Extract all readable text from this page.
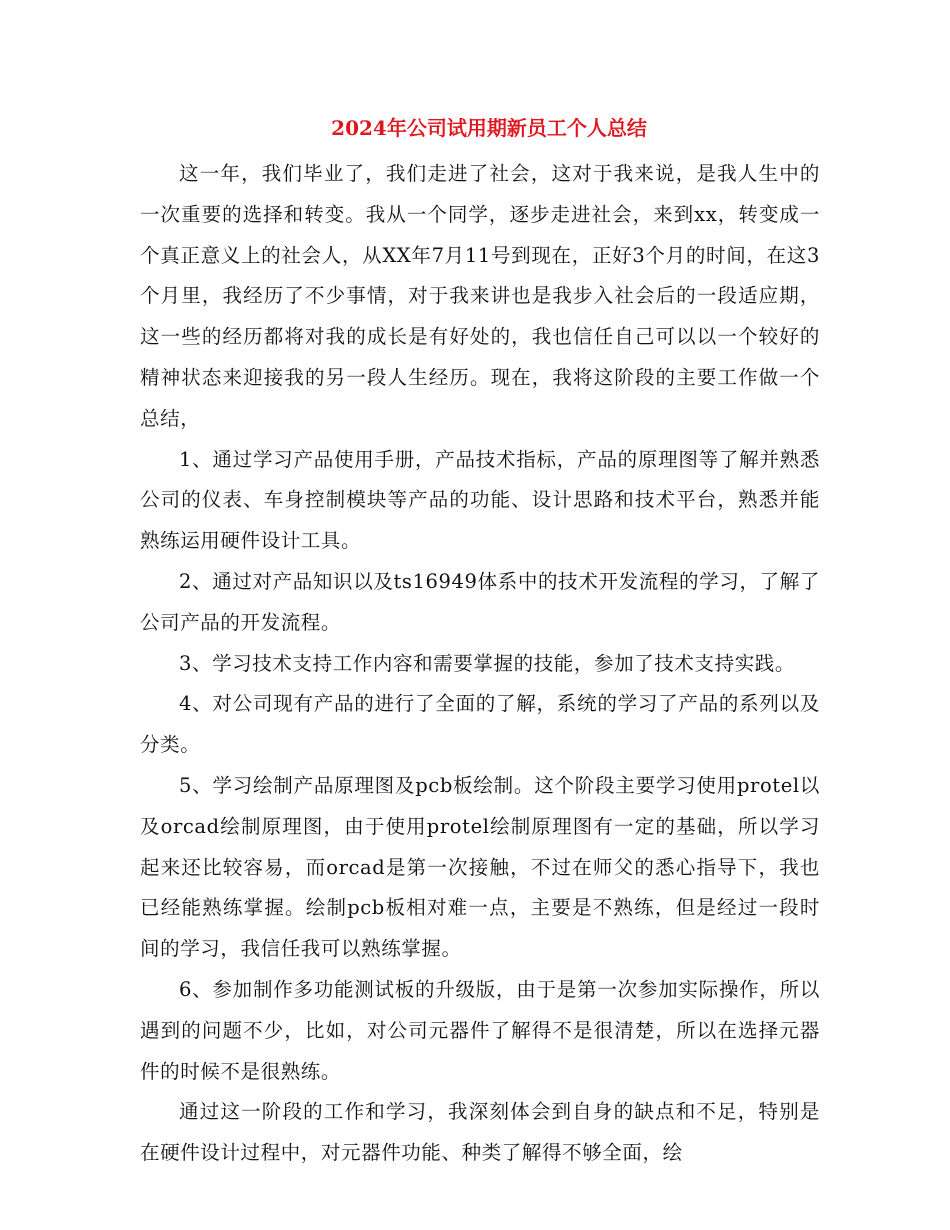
2024年公司试用期新员工个人总结

这一年，我们毕业了，我们走进了社会，这对于我来说，是我人生中的一次重要的选择和转变。我从一个同学，逐步走进社会，来到xx，转变成一个真正意义上的社会人，从XX年7月11号到现在，正好3个月的时间，在这3个月里，我经历了不少事情，对于我来讲也是我步入社会后的一段适应期，这一些的经历都将对我的成长是有好处的，我也信任自己可以以一个较好的精神状态来迎接我的另一段人生经历。现在，我将这阶段的主要工作做一个总结，

1、通过学习产品使用手册，产品技术指标，产品的原理图等了解并熟悉公司的仪表、车身控制模块等产品的功能、设计思路和技术平台，熟悉并能熟练运用硬件设计工具。

2、通过对产品知识以及ts16949体系中的技术开发流程的学习，了解了公司产品的开发流程。

3、学习技术支持工作内容和需要掌握的技能，参加了技术支持实践。

4、对公司现有产品的进行了全面的了解，系统的学习了产品的系列以及分类。

5、学习绘制产品原理图及pcb板绘制。这个阶段主要学习使用protel以及orcad绘制原理图，由于使用protel绘制原理图有一定的基础，所以学习起来还比较容易，而orcad是第一次接触，不过在师父的悉心指导下，我也已经能熟练掌握。绘制pcb板相对难一点，主要是不熟练，但是经过一段时间的学习，我信任我可以熟练掌握。

6、参加制作多功能测试板的升级版，由于是第一次参加实际操作，所以遇到的问题不少，比如，对公司元器件了解得不是很清楚，所以在选择元器件的时候不是很熟练。

通过这一阶段的工作和学习，我深刻体会到自身的缺点和不足，特别是在硬件设计过程中，对元器件功能、种类了解得不够全面，绘
